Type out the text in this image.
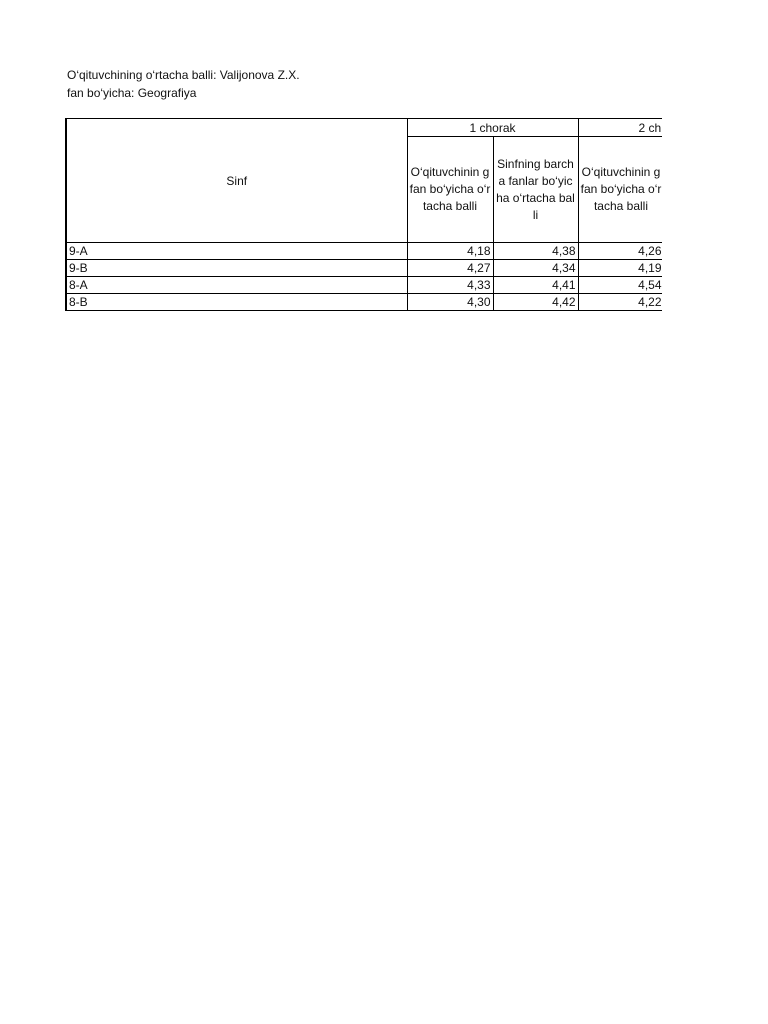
O‘qituvchining o‘rtacha balli: Valijonova Z.X.
fan bo‘yicha: Geografiya
Sinf	1 chorak		2 ch	
	O‘qituvchinin g fan bo‘yicha o‘rtacha balli	Sinfning barcha fanlar bo‘yicha o‘rtacha balli	O‘qituvchinin g fan bo‘yicha o‘rtacha balli	
9-A	4,18	4,38	4,26	
9-B	4,27	4,34	4,19	
8-A	4,33	4,41	4,54	
8-B	4,30	4,42	4,22	
